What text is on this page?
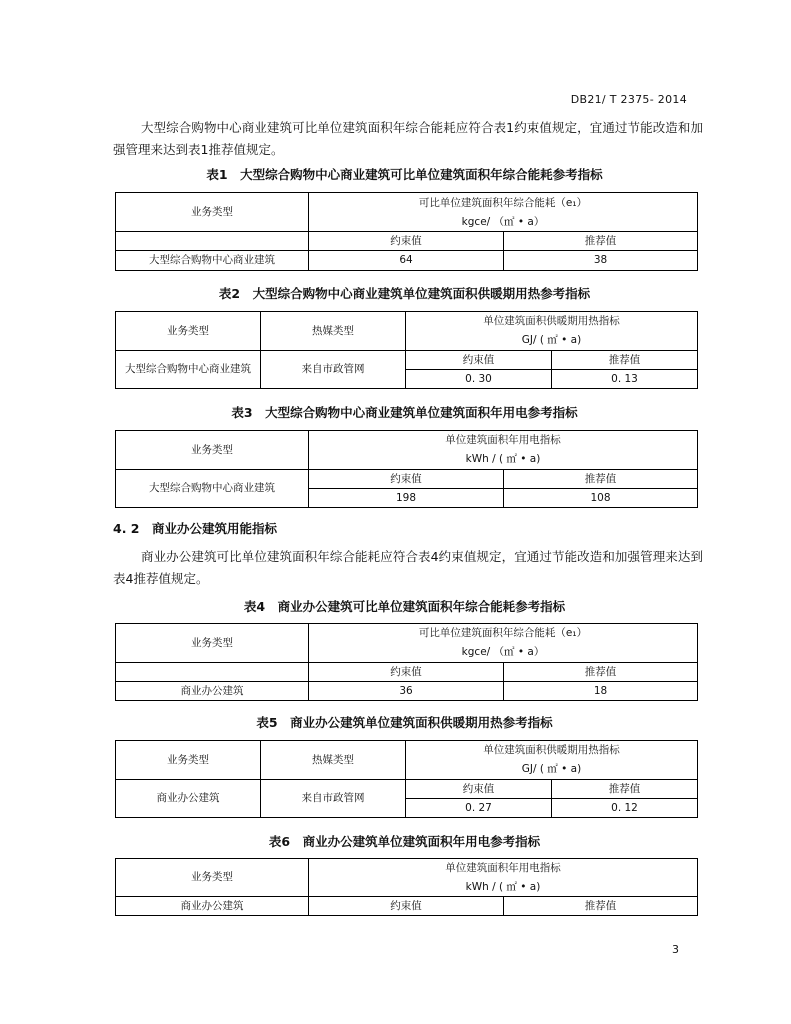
DB21/ T 2375- 2014

大型综合购物中心商业建筑可比单位建筑面积年综合能耗应符合表1约束值规定，宜通过节能改造和加强管理来达到表1推荐值规定。

表1　大型综合购物中心商业建筑可比单位建筑面积年综合能耗参考指标

业务类型	可比单位建筑面积年综合能耗（e₁）	
	kgce/ （㎡ • a）	
	约束值	推荐值
大型综合购物中心商业建筑	64	38

表2　大型综合购物中心商业建筑单位建筑面积供暖期用热参考指标

业务类型	热媒类型	单位建筑面积供暖期用热指标	
		GJ/ ( ㎡ • a)	
大型综合购物中心商业建筑	来自市政管网	约束值	推荐值
		0. 30	0. 13

表3　大型综合购物中心商业建筑单位建筑面积年用电参考指标

业务类型	单位建筑面积年用电指标	
	kWh / ( ㎡ • a)	
大型综合购物中心商业建筑	约束值	推荐值
	198	108

4. 2　商业办公建筑用能指标

商业办公建筑可比单位建筑面积年综合能耗应符合表4约束值规定，宜通过节能改造和加强管理来达到表4推荐值规定。

表4　商业办公建筑可比单位建筑面积年综合能耗参考指标

业务类型	可比单位建筑面积年综合能耗（e₁）	
	kgce/ （㎡ • a）	
	约束值	推荐值
商业办公建筑	36	18

表5　商业办公建筑单位建筑面积供暖期用热参考指标

业务类型	热媒类型	单位建筑面积供暖期用热指标	
		GJ/ ( ㎡ • a)	
商业办公建筑	来自市政管网	约束值	推荐值
		0. 27	0. 12

表6　商业办公建筑单位建筑面积年用电参考指标

业务类型	单位建筑面积年用电指标	
	kWh / ( ㎡ • a)	
商业办公建筑	约束值	推荐值
3
